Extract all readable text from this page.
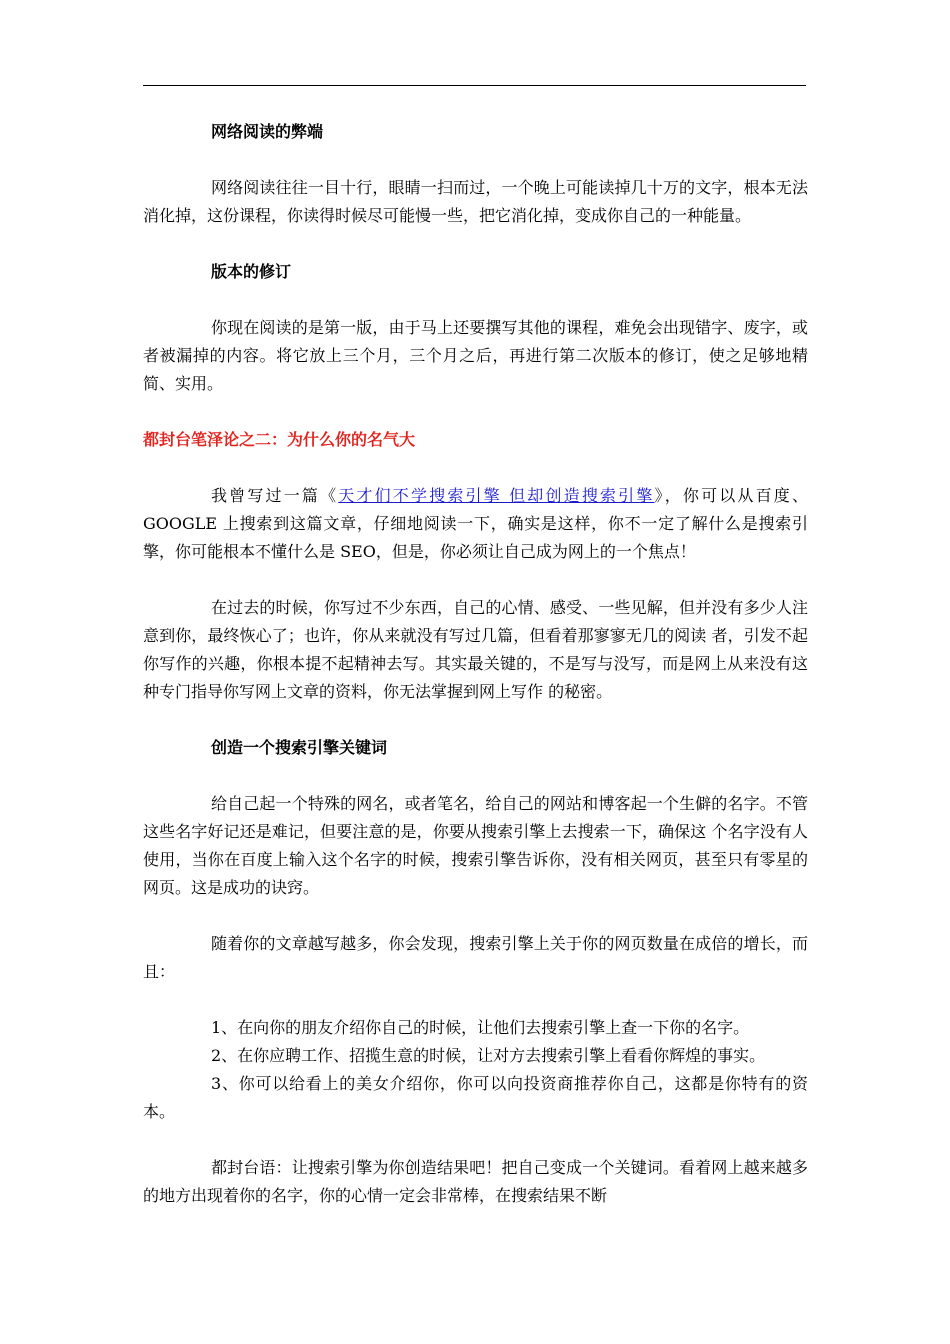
网络阅读的弊端

网络阅读往往一目十行，眼睛一扫而过，一个晚上可能读掉几十万的文字，根本无法消化掉，这份课程，你读得时候尽可能慢一些，把它消化掉，变成你自己的一种能量。

版本的修订

你现在阅读的是第一版，由于马上还要撰写其他的课程，难免会出现错字、废字，或者被漏掉的内容。将它放上三个月，三个月之后，再进行第二次版本的修订，使之足够地精简、实用。

都封台笔泽论之二：为什么你的名气大

我曾写过一篇《天才们不学搜索引擎 但却创造搜索引擎》，你可以从百度、GOOGLE 上搜索到这篇文章，仔细地阅读一下，确实是这样，你不一定了解什么是搜索引擎，你可能根本不懂什么是 SEO，但是，你必须让自己成为网上的一个焦点！

在过去的时候，你写过不少东西，自己的心情、感受、一些见解，但并没有多少人注意到你，最终恢心了；也许，你从来就没有写过几篇，但看着那寥寥无几的阅读 者，引发不起你写作的兴趣，你根本提不起精神去写。其实最关键的，不是写与没写，而是网上从来没有这种专门指导你写网上文章的资料，你无法掌握到网上写作 的秘密。

创造一个搜索引擎关键词

给自己起一个特殊的网名，或者笔名，给自己的网站和博客起一个生僻的名字。不管这些名字好记还是难记，但要注意的是，你要从搜索引擎上去搜索一下，确保这 个名字没有人使用，当你在百度上输入这个名字的时候，搜索引擎告诉你，没有相关网页，甚至只有零星的网页。这是成功的诀窍。

随着你的文章越写越多，你会发现，搜索引擎上关于你的网页数量在成倍的增长，而且：

1、在向你的朋友介绍你自己的时候，让他们去搜索引擎上查一下你的名字。

2、在你应聘工作、招揽生意的时候，让对方去搜索引擎上看看你辉煌的事实。

3、你可以给看上的美女介绍你，你可以向投资商推荐你自己，这都是你特有的资本。

都封台语：让搜索引擎为你创造结果吧！把自己变成一个关键词。看着网上越来越多的地方出现着你的名字，你的心情一定会非常棒，在搜索结果不断
